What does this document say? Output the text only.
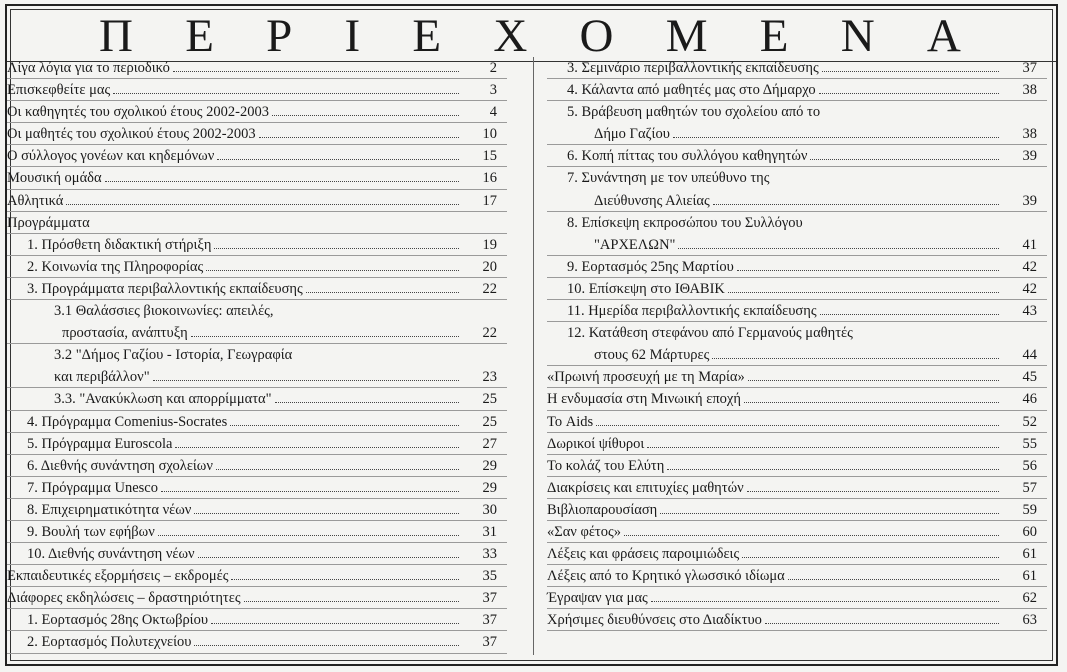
Π Ε Ρ Ι Ε Χ Ο Μ Ε Ν Α
Λίγα λόγια για το περιοδικό	2
Επισκεφθείτε μας	3
Οι καθηγητές του σχολικού έτους 2002-2003	4
Οι μαθητές του σχολικού έτους 2002-2003	10
Ο σύλλογος γονέων και κηδεμόνων	15
Μουσική ομάδα	16
Αθλητικά	17
Προγράμματα
1. Πρόσθετη διδακτική στήριξη	19
2. Κοινωνία της Πληροφορίας	20
3. Προγράμματα περιβαλλοντικής εκπαίδευσης	22
3.1 Θαλάσσιες βιοκοινωνίες: απειλές,
προστασία, ανάπτυξη	22
3.2 "Δήμος Γαζίου - Ιστορία, Γεωγραφία
και περιβάλλον"	23
3.3. "Ανακύκλωση και απορρίμματα"	25
4. Πρόγραμμα Comenius-Socrates	25
5. Πρόγραμμα Euroscola	27
6. Διεθνής συνάντηση σχολείων	29
7. Πρόγραμμα Unesco	29
8. Επιχειρηματικότητα νέων	30
9. Βουλή των εφήβων	31
10. Διεθνής συνάντηση νέων	33
Εκπαιδευτικές εξορμήσεις – εκδρομές	35
Διάφορες εκδηλώσεις – δραστηριότητες	37
1. Εορτασμός 28ης Οκτωβρίου	37
2. Εορτασμός Πολυτεχνείου	37
3. Σεμινάριο περιβαλλοντικής εκπαίδευσης	37
4. Κάλαντα από μαθητές μας στο Δήμαρχο	38
5. Βράβευση μαθητών του σχολείου από το
Δήμο Γαζίου	38
6. Κοπή πίττας του συλλόγου καθηγητών	39
7. Συνάντηση με τον υπεύθυνο της
Διεύθυνσης Αλιείας	39
8. Επίσκεψη εκπροσώπου του Συλλόγου
"ΑΡΧΕΛΩΝ"	41
9. Εορτασμός 25ης Μαρτίου	42
10. Επίσκεψη στο ΙΘΑΒΙΚ	42
11. Ημερίδα περιβαλλοντικής εκπαίδευσης	43
12. Κατάθεση στεφάνου από Γερμανούς μαθητές
στους 62 Μάρτυρες	44
«Πρωινή προσευχή με τη Μαρία»	45
Η ενδυμασία στη Μινωική εποχή	46
Το Aids	52
Δωρικοί ψίθυροι	55
Το κολάζ του Ελύτη	56
Διακρίσεις και επιτυχίες μαθητών	57
Βιβλιοπαρουσίαση	59
«Σαν φέτος»	60
Λέξεις και φράσεις παροιμιώδεις	61
Λέξεις από το Κρητικό γλωσσικό ιδίωμα	61
Έγραψαν για μας	62
Χρήσιμες διευθύνσεις στο Διαδίκτυο	63
